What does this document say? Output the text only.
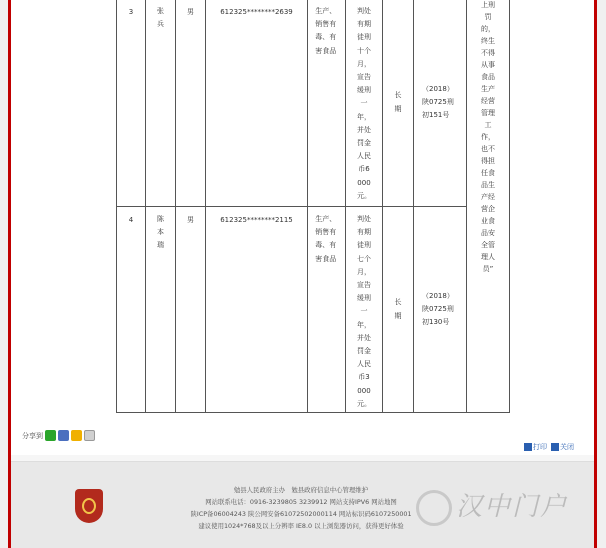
3	张兵	男	612325********2639	生产、销售有毒、有害食品	判处有期徒刑十个月，宣告缓刑一年，并处罚金人民币6000元。	长期	（2018）陕0725刑初151号	上刑罚的，终生不得从事食品生产经营管理工作，也不得担任食品生产经营企业食品安全管理人员”

4	陈本瑞	男	612325********2115	生产、销售有毒、有害食品	判处有期徒刑七个月，宣告缓刑一年，并处罚金人民币3000元。	长期	（2018）陕0725刑初130号	
分享到
打印 关闭
勉县人民政府主办　勉县政府信息中心管理维护
网站联系电话：0916-3239805 3239912 网站支持IPV6 网站地图
陕ICP备06004243 陕公网安备61072502000114 网站标识码6107250001
建议使用1024*768及以上分辨率 IE8.0 以上浏览器访问，获得更好体验
汉中门户
